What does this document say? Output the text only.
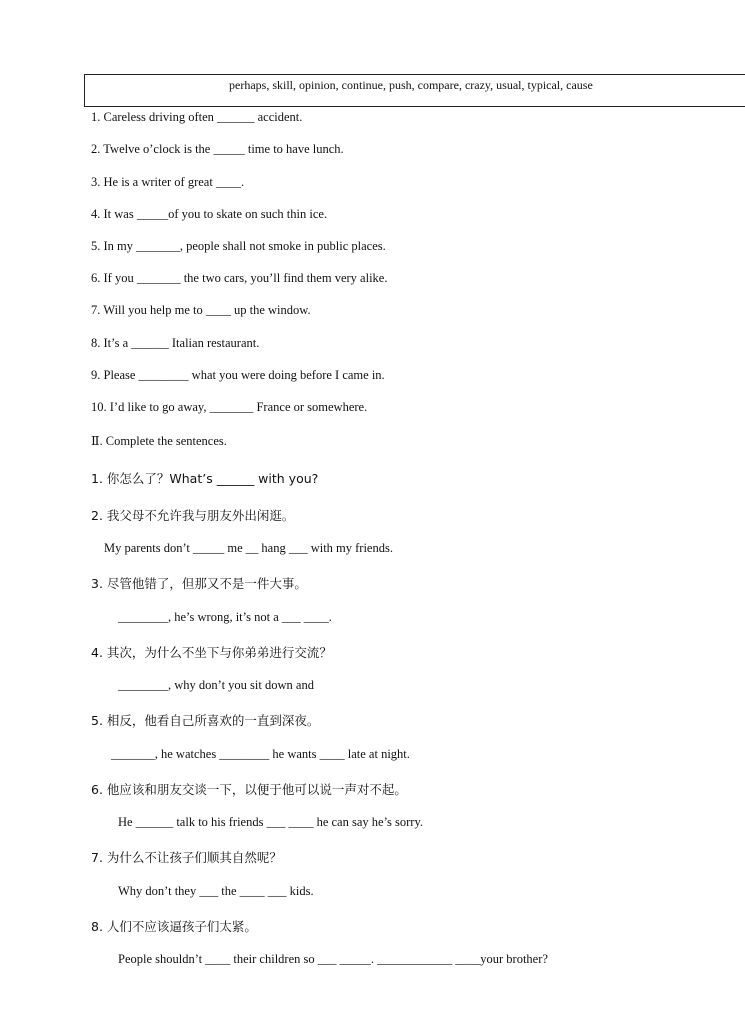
perhaps, skill, opinion, continue, push, compare, crazy, usual, typical, cause
1. Careless driving often ______ accident.
2. Twelve o’clock is the _____ time to have lunch.
3. He is a writer of great ____.
4. It was _____of you to skate on such thin ice.
5. In my _______, people shall not smoke in public places.
6. If you _______ the two cars, you’ll find them very alike.
7. Will you help me to ____ up the window.
8. It’s a ______ Italian restaurant.
9. Please ________ what you were doing before I came in.
10. I’d like to go away, _______ France or somewhere.
Ⅱ. Complete the sentences.
1. 你怎么了？What’s ______ with you?
2. 我父母不允许我与朋友外出闲逛。
My parents don’t _____ me __ hang ___ with my friends.
3. 尽管他错了，但那又不是一件大事。
________, he’s wrong, it’s not a ___ ____.
4. 其次，为什么不坐下与你弟弟进行交流？
________, why don’t you sit down and
5. 相反，他看自己所喜欢的一直到深夜。
_______, he watches ________ he wants ____ late at night.
6. 他应该和朋友交谈一下，以便于他可以说一声对不起。
He ______ talk to his friends ___ ____ he can say he’s sorry.
7. 为什么不让孩子们顺其自然呢？
Why don’t they ___ the ____ ___ kids.
8. 人们不应该逼孩子们太紧。
People shouldn’t ____ their children so ___ _____. ____________ ____your brother?
